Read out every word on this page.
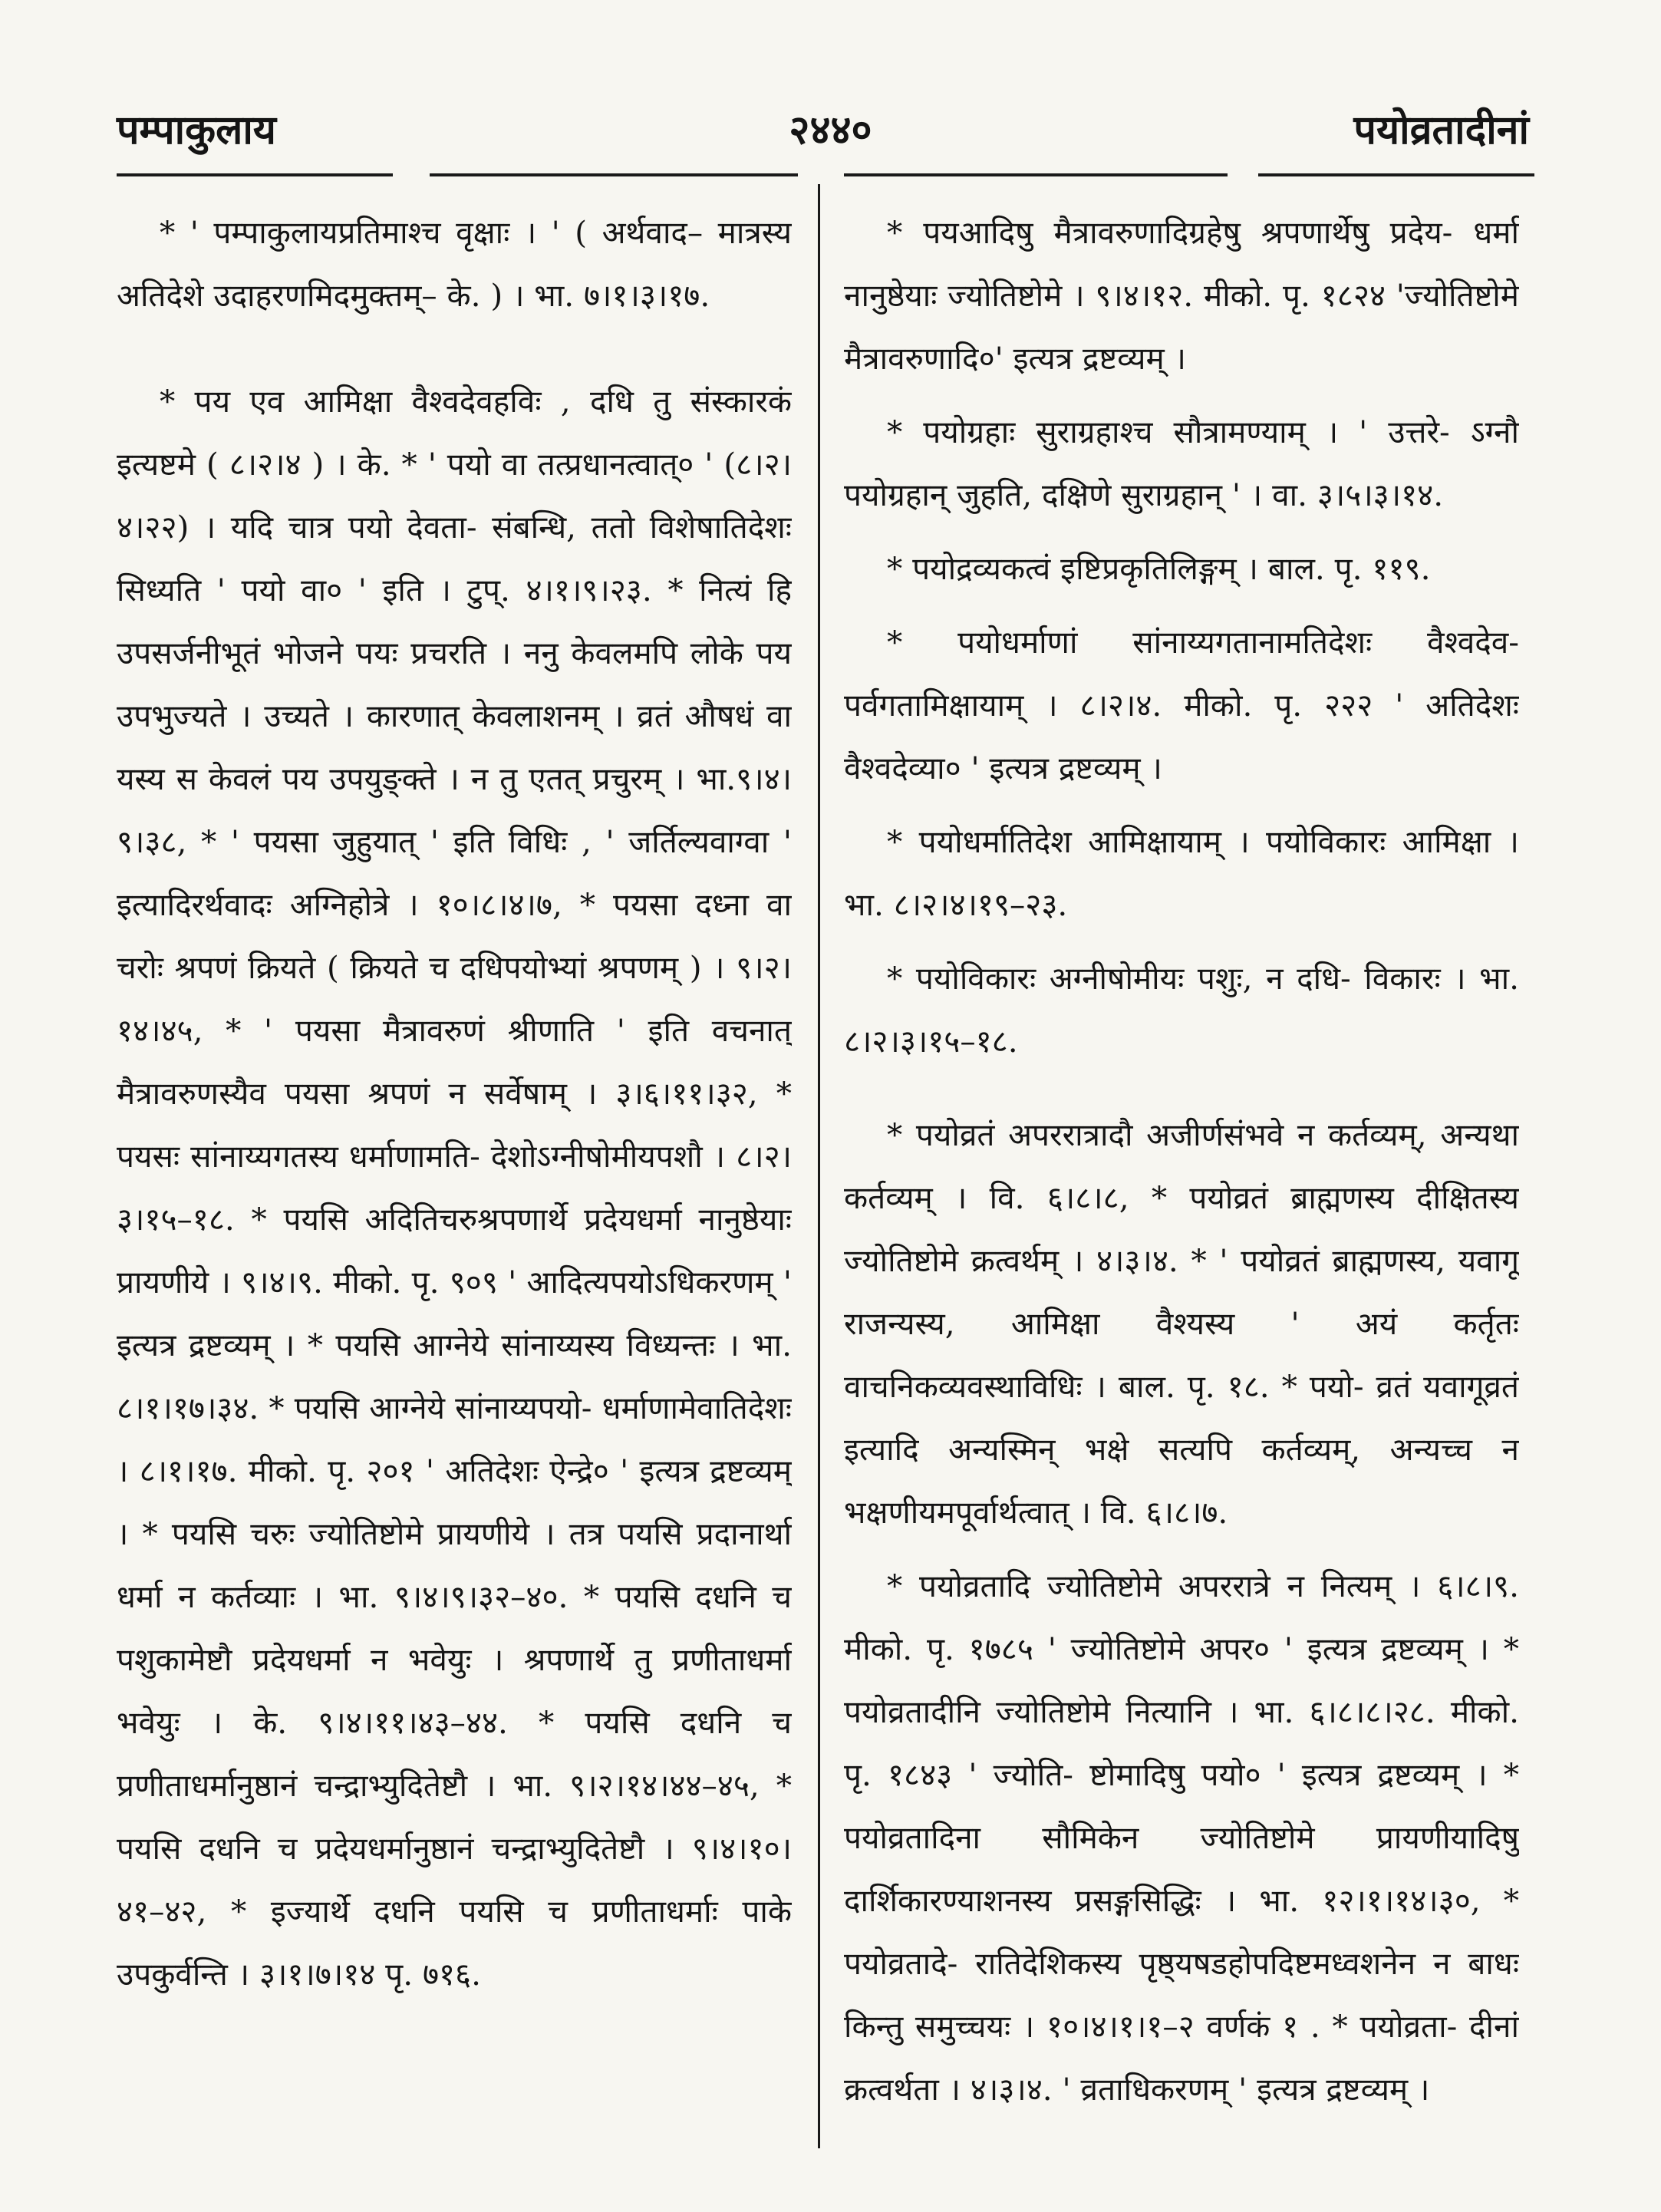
पम्पाकुलाय	२४४०	पयोव्रतादीनां

* ' पम्पाकुलायप्रतिमाश्च वृक्षाः । ' ( अर्थवाद– मात्रस्य अतिदेशे उदाहरणमिदमुक्तम्– के. ) । भा. ७।१।३।१७.

* पय एव आमिक्षा वैश्वदेवहविः , दधि तु संस्कारकं इत्यष्टमे ( ८।२।४ ) । के. * ' पयो वा तत्प्रधानत्वात्० ' (८।२।४।२२) । यदि चात्र पयो देवता- संबन्धि, ततो विशेषातिदेशः सिध्यति ' पयो वा० ' इति । टुप्. ४।१।९।२३. * नित्यं हि उपसर्जनीभूतं भोजने पयः प्रचरति । ननु केवलमपि लोके पय उपभुज्यते । उच्यते । कारणात् केवलाशनम् । व्रतं औषधं वा यस्य स केवलं पय उपयुङ्क्ते । न तु एतत् प्रचुरम् । भा.९।४।९।३८, * ' पयसा जुहुयात् ' इति विधिः , ' जर्तिल्यवाग्वा ' इत्यादिरर्थवादः अग्निहोत्रे । १०।८।४।७, * पयसा दध्ना वा चरोः श्रपणं क्रियते ( क्रियते च दधिपयोभ्यां श्रपणम् ) । ९।२।१४।४५, * ' पयसा मैत्रावरुणं श्रीणाति ' इति वचनात् मैत्रावरुणस्यैव पयसा श्रपणं न सर्वेषाम् । ३।६।११।३२, * पयसः सांनाय्यगतस्य धर्माणामति- देशोऽग्नीषोमीयपशौ । ८।२।३।१५–१८. * पयसि अदितिचरुश्रपणार्थे प्रदेयधर्मा नानुष्ठेयाः प्रायणीये । ९।४।९. मीको. पृ. ९०९ ' आदित्यपयोऽधिकरणम् ' इत्यत्र द्रष्टव्यम् । * पयसि आग्नेये सांनाय्यस्य विध्यन्तः । भा. ८।१।१७।३४. * पयसि आग्नेये सांनाय्यपयो- धर्माणामेवातिदेशः । ८।१।१७. मीको. पृ. २०१ ' अतिदेशः ऐन्द्रे० ' इत्यत्र द्रष्टव्यम् । * पयसि चरुः ज्योतिष्टोमे प्रायणीये । तत्र पयसि प्रदानार्था धर्मा न कर्तव्याः । भा. ९।४।९।३२–४०. * पयसि दधनि च पशुकामेष्टौ प्रदेयधर्मा न भवेयुः । श्रपणार्थे तु प्रणीताधर्मा भवेयुः । के. ९।४।११।४३–४४. * पयसि दधनि च प्रणीताधर्मानुष्ठानं चन्द्राभ्युदितेष्टौ । भा. ९।२।१४।४४–४५, * पयसि दधनि च प्रदेयधर्मानुष्ठानं चन्द्राभ्युदितेष्टौ । ९।४।१०।४१–४२, * इज्यार्थे दधनि पयसि च प्रणीताधर्माः पाके उपकुर्वन्ति । ३।१।७।१४ पृ. ७१६.

* पयआदिषु मैत्रावरुणादिग्रहेषु श्रपणार्थेषु प्रदेय- धर्मा नानुष्ठेयाः ज्योतिष्टोमे । ९।४।१२. मीको. पृ. १८२४ 'ज्योतिष्टोमे मैत्रावरुणादि०' इत्यत्र द्रष्टव्यम् ।

* पयोग्रहाः सुराग्रहाश्च सौत्रामण्याम् । ' उत्तरे- ऽग्नौ पयोग्रहान् जुहति, दक्षिणे सुराग्रहान् ' । वा. ३।५।३।१४.

* पयोद्रव्यकत्वं इष्टिप्रकृतिलिङ्गम् । बाल. पृ. ११९.

* पयोधर्माणां सांनाय्यगतानामतिदेशः वैश्वदेव- पर्वगतामिक्षायाम् । ८।२।४. मीको. पृ. २२२ ' अतिदेशः वैश्वदेव्या० ' इत्यत्र द्रष्टव्यम् ।

* पयोधर्मातिदेश आमिक्षायाम् । पयोविकारः आमिक्षा । भा. ८।२।४।१९–२३.

* पयोविकारः अग्नीषोमीयः पशुः, न दधि- विकारः । भा. ८।२।३।१५–१८.

* पयोव्रतं अपररात्रादौ अजीर्णसंभवे न कर्तव्यम्, अन्यथा कर्तव्यम् । वि. ६।८।८, * पयोव्रतं ब्राह्मणस्य दीक्षितस्य ज्योतिष्टोमे क्रत्वर्थम् । ४।३।४. * ' पयोव्रतं ब्राह्मणस्य, यवागू राजन्यस्य, आमिक्षा वैश्यस्य ' अयं कर्तृतः वाचनिकव्यवस्थाविधिः । बाल. पृ. १८. * पयो- व्रतं यवागूव्रतं इत्यादि अन्यस्मिन् भक्षे सत्यपि कर्तव्यम्, अन्यच्च न भक्षणीयमपूर्वार्थत्वात् । वि. ६।८।७.

* पयोव्रतादि ज्योतिष्टोमे अपररात्रे न नित्यम् । ६।८।९. मीको. पृ. १७८५ ' ज्योतिष्टोमे अपर० ' इत्यत्र द्रष्टव्यम् । * पयोव्रतादीनि ज्योतिष्टोमे नित्यानि । भा. ६।८।८।२८. मीको. पृ. १८४३ ' ज्योति- ष्टोमादिषु पयो० ' इत्यत्र द्रष्टव्यम् । * पयोव्रतादिना सौमिकेन ज्योतिष्टोमे प्रायणीयादिषु दार्शिकारण्याशनस्य प्रसङ्गसिद्धिः । भा. १२।१।१४।३०, * पयोव्रतादे- रातिदेशिकस्य पृष्ठ्यषडहोपदिष्टमध्वशनेन न बाधः किन्तु समुच्चयः । १०।४।१।१–२ वर्णकं १ . * पयोव्रता- दीनां क्रत्वर्थता । ४।३।४. ' व्रताधिकरणम् ' इत्यत्र द्रष्टव्यम् ।
